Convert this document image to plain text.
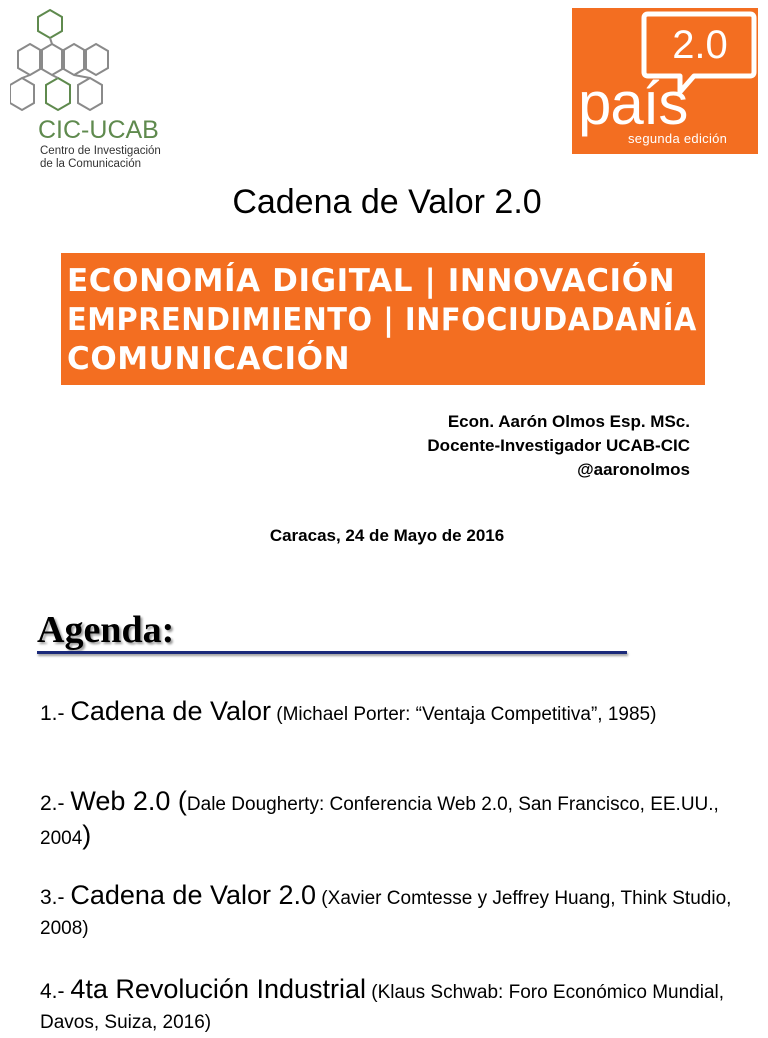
CIC-UCAB
Centro de Investigación
de la Comunicación
2.0
país
segunda edición
Cadena de Valor 2.0
ECONOMÍA DIGITAL | INNOVACIÓN
EMPRENDIMIENTO | INFOCIUDADANÍA
COMUNICACIÓN
Econ. Aarón Olmos Esp. MSc.
Docente-Investigador UCAB-CIC
@aaronolmos
Caracas, 24 de Mayo de 2016
Agenda:
1.- Cadena de Valor (Michael Porter: “Ventaja Competitiva”, 1985)
2.- Web 2.0 (Dale Dougherty: Conferencia Web 2.0, San Francisco, EE.UU., 2004)
3.- Cadena de Valor 2.0 (Xavier Comtesse y Jeffrey Huang, Think Studio, 2008)
4.- 4ta Revolución Industrial (Klaus Schwab: Foro Económico Mundial, Davos, Suiza, 2016)
